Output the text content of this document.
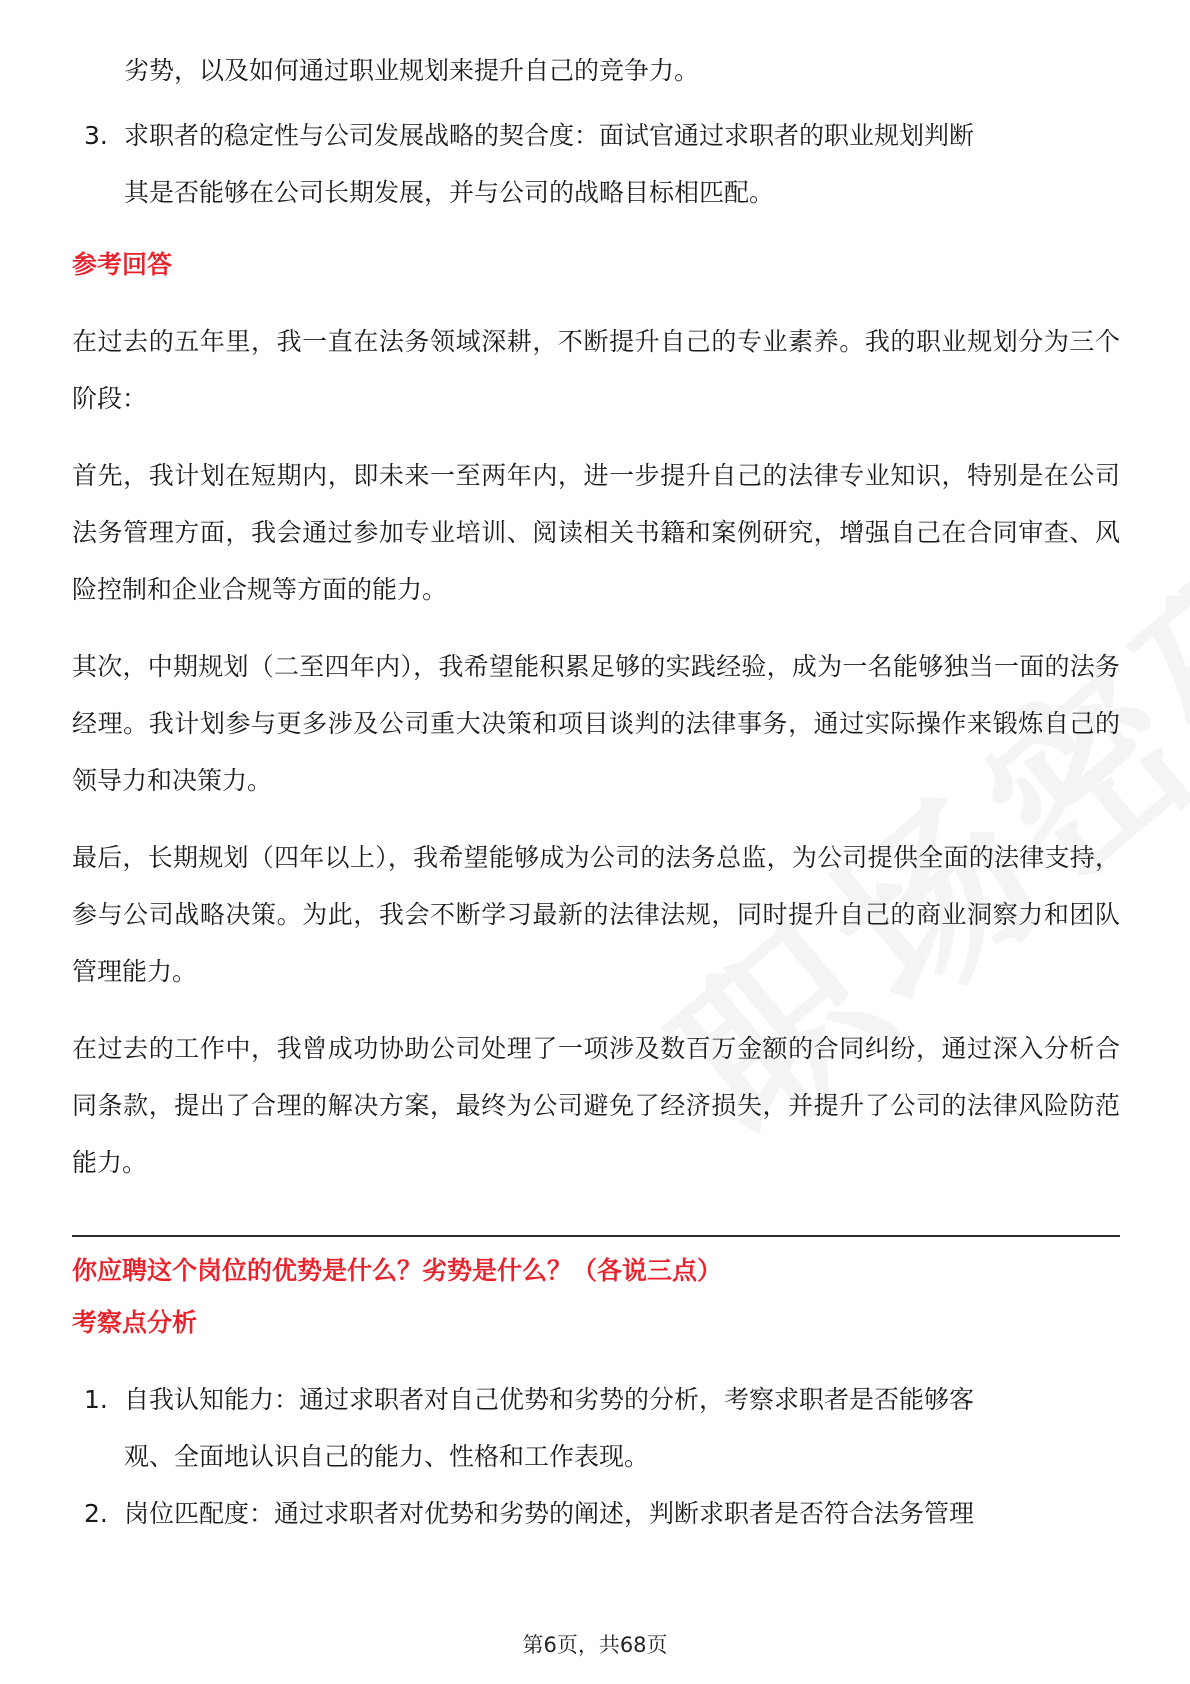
劣势，以及如何通过职业规划来提升自己的竞争力。
3. 求职者的稳定性与公司发展战略的契合度：面试官通过求职者的职业规划判断
其是否能够在公司长期发展，并与公司的战略目标相匹配。
参考回答
在过去的五年里，我一直在法务领域深耕，不断提升自己的专业素养。我的职业规划分为三个阶段：
首先，我计划在短期内，即未来一至两年内，进一步提升自己的法律专业知识，特别是在公司法务管理方面，我会通过参加专业培训、阅读相关书籍和案例研究，增强自己在合同审查、风险控制和企业合规等方面的能力。
其次，中期规划（二至四年内），我希望能积累足够的实践经验，成为一名能够独当一面的法务经理。我计划参与更多涉及公司重大决策和项目谈判的法律事务，通过实际操作来锻炼自己的领导力和决策力。
最后，长期规划（四年以上），我希望能够成为公司的法务总监，为公司提供全面的法律支持，参与公司战略决策。为此，我会不断学习最新的法律法规，同时提升自己的商业洞察力和团队管理能力。
在过去的工作中，我曾成功协助公司处理了一项涉及数百万金额的合同纠纷，通过深入分析合同条款，提出了合理的解决方案，最终为公司避免了经济损失，并提升了公司的法律风险防范能力。
你应聘这个岗位的优势是什么？劣势是什么？（各说三点）
考察点分析
1. 自我认知能力：通过求职者对自己优势和劣势的分析，考察求职者是否能够客
观、全面地认识自己的能力、性格和工作表现。
2. 岗位匹配度：通过求职者对优势和劣势的阐述，判断求职者是否符合法务管理
第6页，共68页
